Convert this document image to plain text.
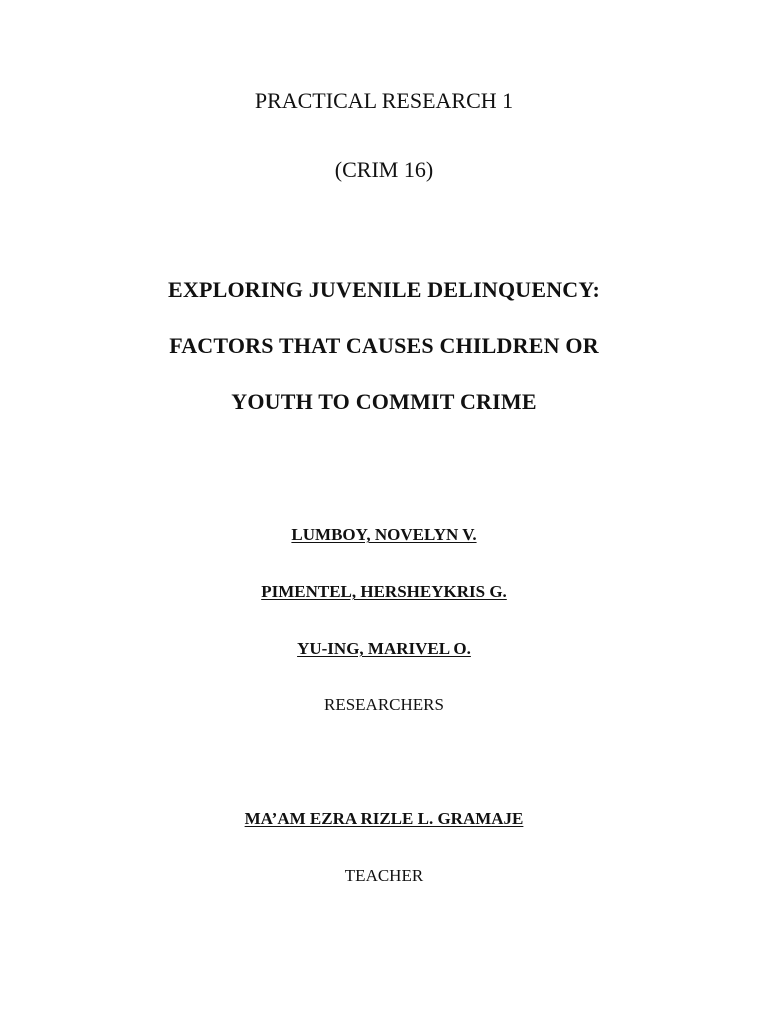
PRACTICAL RESEARCH 1
(CRIM 16)
EXPLORING JUVENILE DELINQUENCY:
FACTORS THAT CAUSES CHILDREN OR
YOUTH TO COMMIT CRIME
LUMBOY, NOVELYN V.
PIMENTEL, HERSHEYKRIS G.
YU-ING, MARIVEL O.
RESEARCHERS
MA’AM EZRA RIZLE L. GRAMAJE
TEACHER
